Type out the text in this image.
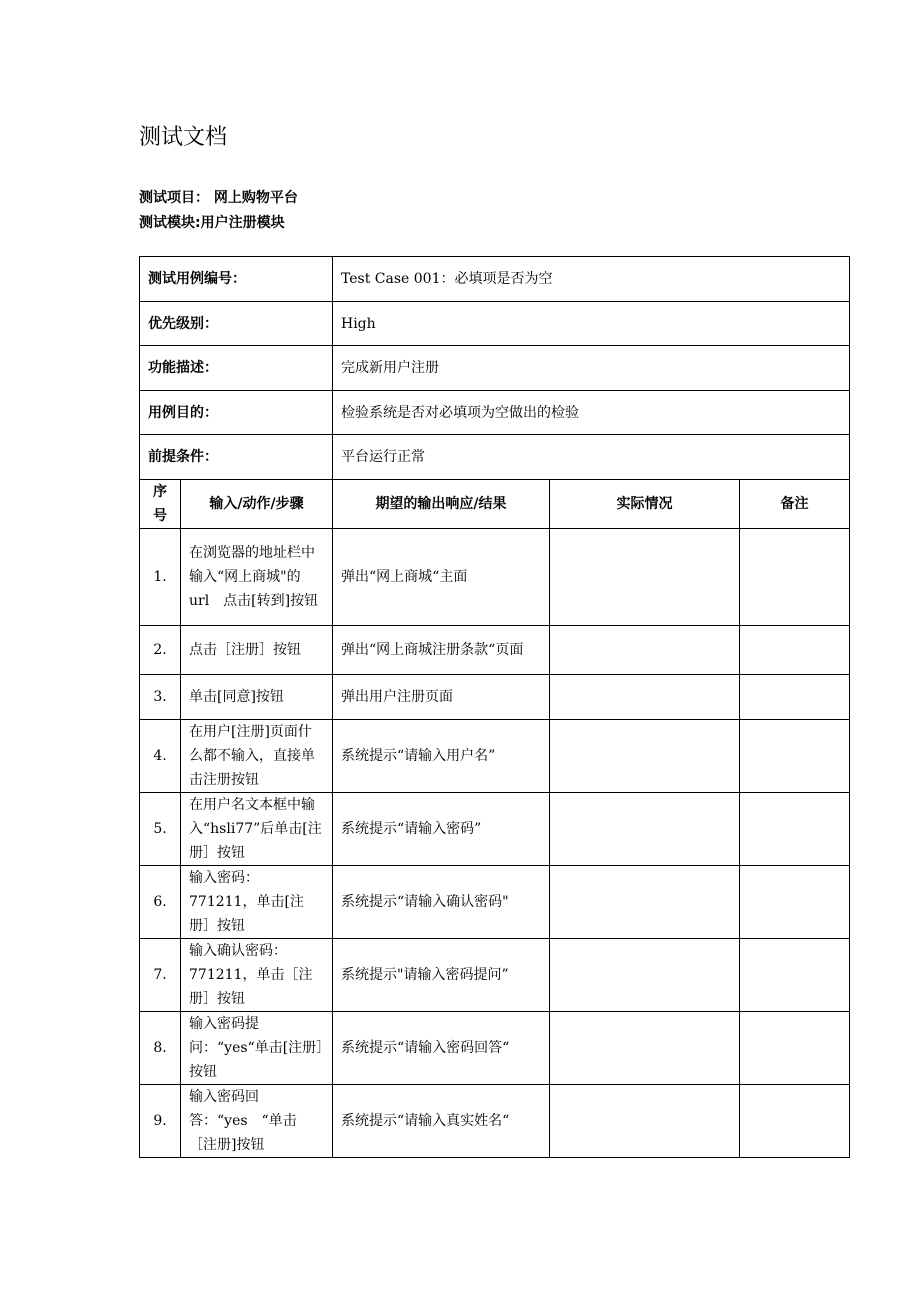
测试文档
测试项目： 网上购物平台
测试模块:用户注册模块
测试用例编号：		Test Case 001：必填项是否为空		
优先级别：		High		
功能描述：		完成新用户注册		
用例目的：		检验系统是否对必填项为空做出的检验		
前提条件：		平台运行正常		
序号	输入/动作/步骤	期望的输出响应/结果	实际情况	备注
1.	在浏览器的地址栏中输入“网上商城"的 url　点击[转到]按钮	弹出“网上商城“主面		
2.	点击［注册］按钮	弹出“网上商城注册条款“页面		
3.	单击[同意]按钮	弹出用户注册页面		
4.	在用户[注册]页面什么都不输入，直接单击注册按钮	系统提示“请输入用户名”		
5.	在用户名文本框中输入“hsli77”后单击[注册］按钮	系统提示“请输入密码”		
6.	输入密码：771211，单击[注册］按钮	系统提示“请输入确认密码"		
7.	输入确认密码：771211，单击［注册］按钮	系统提示"请输入密码提问”		
8.	输入密码提问：“yes“单击[注册］按钮	系统提示“请输入密码回答“		
9.	输入密码回答：“yes　“单击［注册]按钮	系统提示“请输入真实姓名“		
